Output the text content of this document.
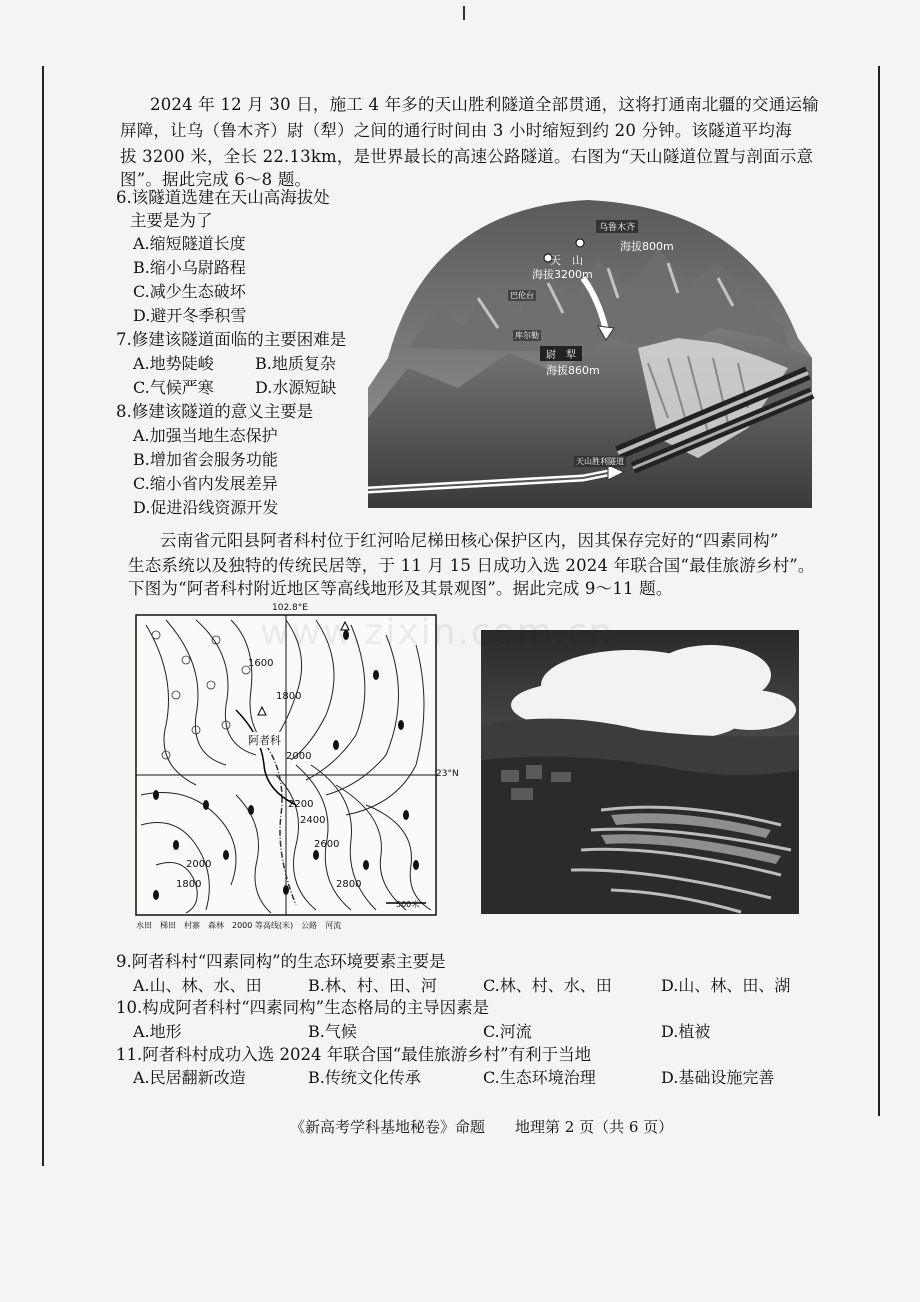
2024 年 12 月 30 日，施工 4 年多的天山胜利隧道全部贯通，这将打通南北疆的交通运输
屏障，让乌（鲁木齐）尉（犁）之间的通行时间由 3 小时缩短到约 20 分钟。该隧道平均海
拔 3200 米，全长 22.13km，是世界最长的高速公路隧道。右图为“天山隧道位置与剖面示意
图”。据此完成 6～8 题。
6.该隧道选建在天山高海拔处
主要是为了
A.缩短隧道长度
B.缩小乌尉路程
C.减少生态破坏
D.避开冬季积雪
7.修建该隧道面临的主要困难是
A.地势陡峻	B.地质复杂
C.气候严寒	D.水源短缺
8.修建该隧道的意义主要是
A.加强当地生态保护
B.增加省会服务功能
C.缩小省内发展差异
D.促进沿线资源开发
乌鲁木齐
海拔800m
天　山
海拔3200m
巴伦台
库尔勒
尉　犁
海拔860m
天山胜利隧道
云南省元阳县阿者科村位于红河哈尼梯田核心保护区内，因其保存完好的“四素同构”
生态系统以及独特的传统民居等，于 11 月 15 日成功入选 2024 年联合国“最佳旅游乡村”。
下图为“阿者科村附近地区等高线地形及其景观图”。据此完成 9～11 题。
102.8°E
23°N
阿者科
1600
1800
2000
2200
2400
2600
2000
1800	2800
500米
水田　梯田　村寨　森林　2000 等高线(米)　公路　河流
www.zixin.com.cn
9.阿者科村“四素同构”的生态环境要素主要是
A.山、林、水、田	B.林、村、田、河	C.林、村、水、田	D.山、林、田、湖
10.构成阿者科村“四素同构”生态格局的主导因素是
A.地形	B.气候	C.河流	D.植被
11.阿者科村成功入选 2024 年联合国“最佳旅游乡村”有利于当地
A.民居翻新改造	B.传统文化传承	C.生态环境治理	D.基础设施完善
《新高考学科基地秘卷》命题　　地理第 2 页（共 6 页）
